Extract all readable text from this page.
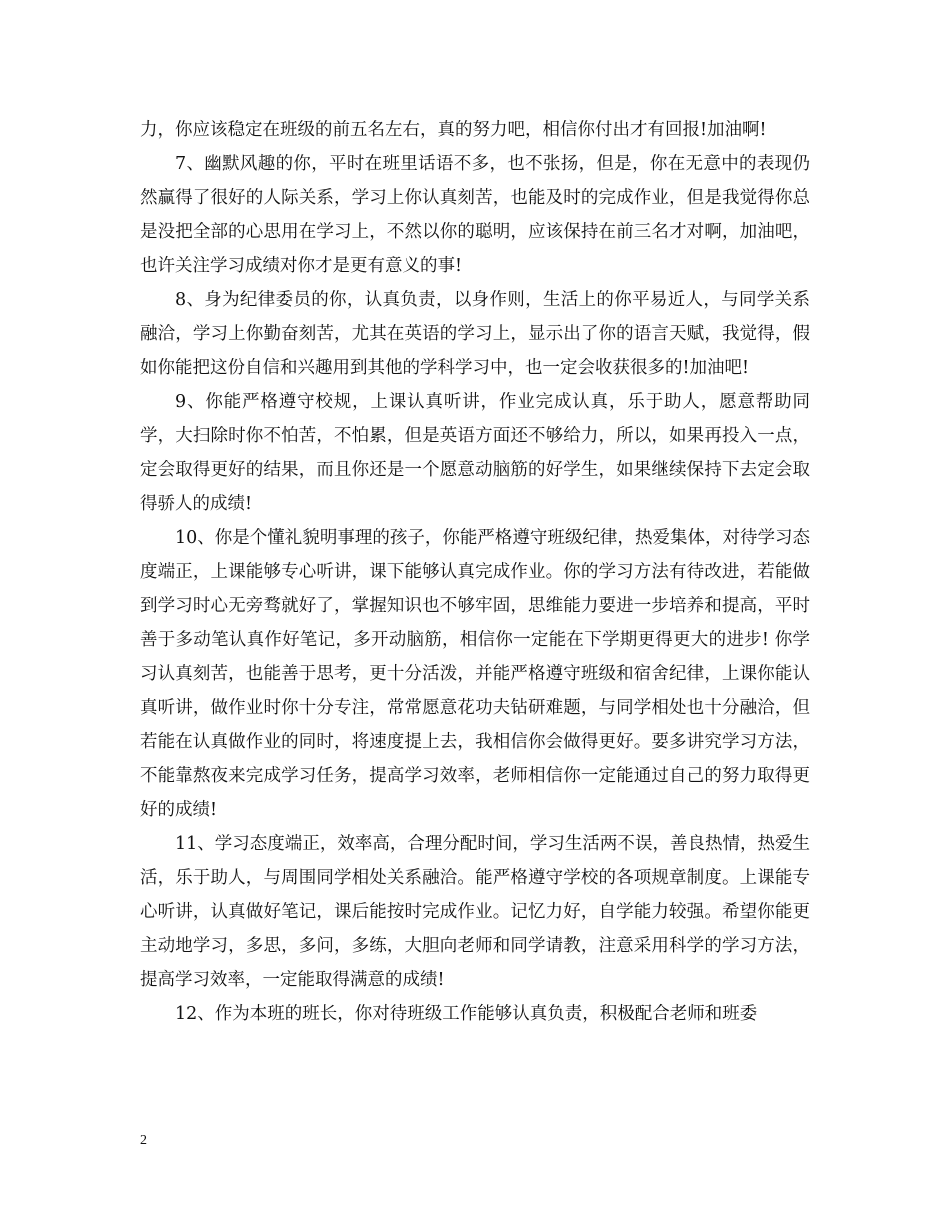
力，你应该稳定在班级的前五名左右，真的努力吧，相信你付出才有回报!加油啊!

7、幽默风趣的你，平时在班里话语不多，也不张扬，但是，你在无意中的表现仍然赢得了很好的人际关系，学习上你认真刻苦，也能及时的完成作业，但是我觉得你总是没把全部的心思用在学习上，不然以你的聪明，应该保持在前三名才对啊，加油吧，也许关注学习成绩对你才是更有意义的事!

8、身为纪律委员的你，认真负责，以身作则，生活上的你平易近人，与同学关系融洽，学习上你勤奋刻苦，尤其在英语的学习上，显示出了你的语言天赋，我觉得，假如你能把这份自信和兴趣用到其他的学科学习中，也一定会收获很多的!加油吧!

9、你能严格遵守校规，上课认真听讲，作业完成认真，乐于助人，愿意帮助同学，大扫除时你不怕苦，不怕累，但是英语方面还不够给力，所以，如果再投入一点，定会取得更好的结果，而且你还是一个愿意动脑筋的好学生，如果继续保持下去定会取得骄人的成绩!

10、你是个懂礼貌明事理的孩子，你能严格遵守班级纪律，热爱集体，对待学习态度端正，上课能够专心听讲，课下能够认真完成作业。你的学习方法有待改进，若能做到学习时心无旁骛就好了，掌握知识也不够牢固，思维能力要进一步培养和提高，平时善于多动笔认真作好笔记，多开动脑筋，相信你一定能在下学期更得更大的进步! 你学习认真刻苦，也能善于思考，更十分活泼，并能严格遵守班级和宿舍纪律，上课你能认真听讲，做作业时你十分专注，常常愿意花功夫钻研难题，与同学相处也十分融洽，但若能在认真做作业的同时，将速度提上去，我相信你会做得更好。要多讲究学习方法，不能靠熬夜来完成学习任务，提高学习效率，老师相信你一定能通过自己的努力取得更好的成绩!

11、学习态度端正，效率高，合理分配时间，学习生活两不误，善良热情，热爱生活，乐于助人，与周围同学相处关系融洽。能严格遵守学校的各项规章制度。上课能专心听讲，认真做好笔记，课后能按时完成作业。记忆力好，自学能力较强。希望你能更主动地学习，多思，多问，多练，大胆向老师和同学请教，注意采用科学的学习方法，提高学习效率，一定能取得满意的成绩!

12、作为本班的班长，你对待班级工作能够认真负责，积极配合老师和班委

2
